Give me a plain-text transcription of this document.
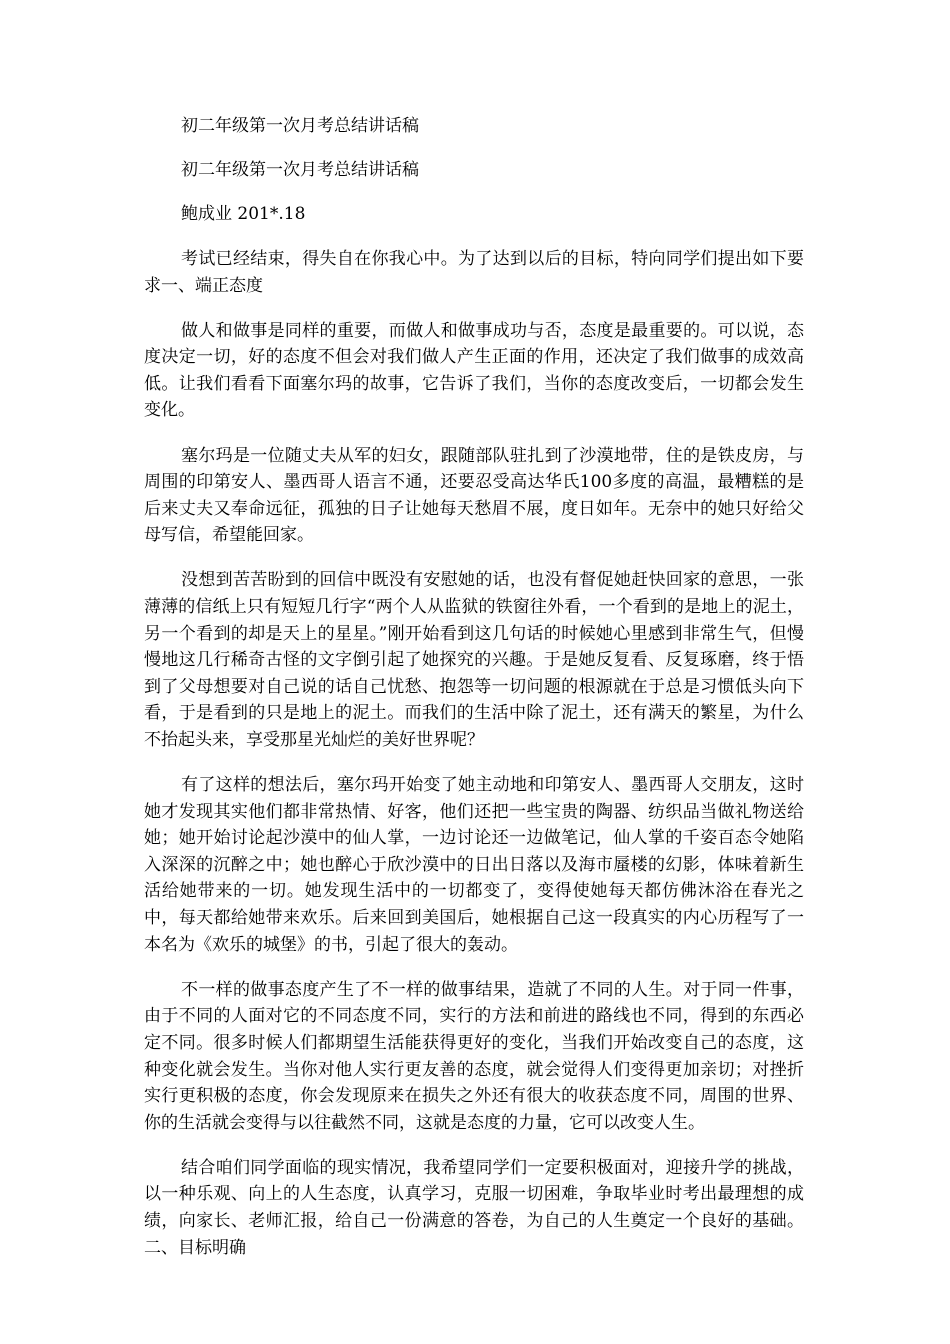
初二年级第一次月考总结讲话稿
初二年级第一次月考总结讲话稿
鲍成业 201*.18

考试已经结束，得失自在你我心中。为了达到以后的目标，特向同学们提出如下要求一、端正态度

做人和做事是同样的重要，而做人和做事成功与否，态度是最重要的。可以说，态度决定一切，好的态度不但会对我们做人产生正面的作用，还决定了我们做事的成效高低。让我们看看下面塞尔玛的故事，它告诉了我们，当你的态度改变后，一切都会发生变化。

塞尔玛是一位随丈夫从军的妇女，跟随部队驻扎到了沙漠地带，住的是铁皮房，与周围的印第安人、墨西哥人语言不通，还要忍受高达华氏100多度的高温，最糟糕的是后来丈夫又奉命远征，孤独的日子让她每天愁眉不展，度日如年。无奈中的她只好给父母写信，希望能回家。

没想到苦苦盼到的回信中既没有安慰她的话，也没有督促她赶快回家的意思，一张薄薄的信纸上只有短短几行字“两个人从监狱的铁窗往外看，一个看到的是地上的泥土，另一个看到的却是天上的星星。”刚开始看到这几句话的时候她心里感到非常生气，但慢慢地这几行稀奇古怪的文字倒引起了她探究的兴趣。于是她反复看、反复琢磨，终于悟到了父母想要对自己说的话自己忧愁、抱怨等一切问题的根源就在于总是习惯低头向下看，于是看到的只是地上的泥土。而我们的生活中除了泥土，还有满天的繁星，为什么不抬起头来，享受那星光灿烂的美好世界呢？

有了这样的想法后，塞尔玛开始变了她主动地和印第安人、墨西哥人交朋友，这时她才发现其实他们都非常热情、好客，他们还把一些宝贵的陶器、纺织品当做礼物送给她；她开始讨论起沙漠中的仙人掌，一边讨论还一边做笔记，仙人掌的千姿百态令她陷入深深的沉醉之中；她也醉心于欣沙漠中的日出日落以及海市蜃楼的幻影，体味着新生活给她带来的一切。她发现生活中的一切都变了，变得使她每天都仿佛沐浴在春光之中，每天都给她带来欢乐。后来回到美国后，她根据自己这一段真实的内心历程写了一本名为《欢乐的城堡》的书，引起了很大的轰动。

不一样的做事态度产生了不一样的做事结果，造就了不同的人生。对于同一件事，由于不同的人面对它的不同态度不同，实行的方法和前进的路线也不同，得到的东西必定不同。很多时候人们都期望生活能获得更好的变化，当我们开始改变自己的态度，这种变化就会发生。当你对他人实行更友善的态度，就会觉得人们变得更加亲切；对挫折实行更积极的态度，你会发现原来在损失之外还有很大的收获态度不同，周围的世界、你的生活就会变得与以往截然不同，这就是态度的力量，它可以改变人生。

结合咱们同学面临的现实情况，我希望同学们一定要积极面对，迎接升学的挑战，以一种乐观、向上的人生态度，认真学习，克服一切困难，争取毕业时考出最理想的成绩，向家长、老师汇报，给自己一份满意的答卷，为自己的人生奠定一个良好的基础。二、目标明确
